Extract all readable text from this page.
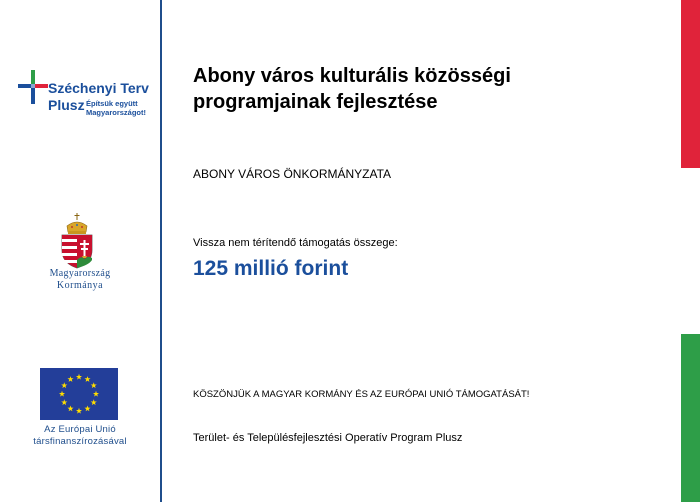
Széchenyi Terv
Plusz Építsük együtt
Magyarországot!
Magyarország
Kormánya
Az Európai Unió
társfinanszírozásával
Abony város kulturális közösségi
programjainak fejlesztése
ABONY VÁROS ÖNKORMÁNYZATA
Vissza nem térítendő támogatás összege:
125 millió forint
KÖSZÖNJÜK A MAGYAR KORMÁNY ÉS AZ EURÓPAI UNIÓ TÁMOGATÁSÁT!
Terület- és Településfejlesztési Operatív Program Plusz
